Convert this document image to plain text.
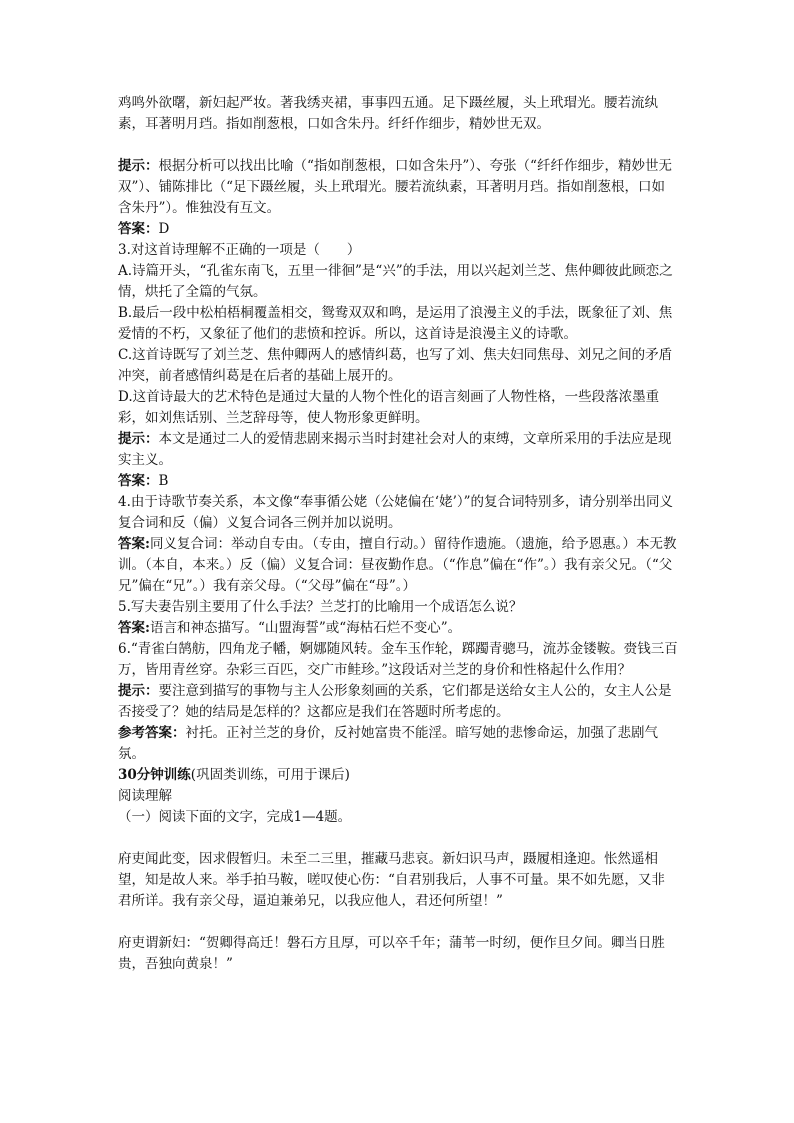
鸡鸣外欲曙，新妇起严妆。著我绣夹裙，事事四五通。足下蹑丝履，头上玳瑁光。腰若流纨素，耳著明月珰。指如削葱根，口如含朱丹。纤纤作细步，精妙世无双。

提示：根据分析可以找出比喻（“指如削葱根，口如含朱丹”）、夸张（“纤纤作细步，精妙世无双”）、铺陈排比（“足下蹑丝履，头上玳瑁光。腰若流纨素，耳著明月珰。指如削葱根，口如含朱丹”）。惟独没有互文。

答案：D

3.对这首诗理解不正确的一项是（　　）

A.诗篇开头，“孔雀东南飞，五里一徘徊”是“兴”的手法，用以兴起刘兰芝、焦仲卿彼此顾恋之情，烘托了全篇的气氛。

B.最后一段中松柏梧桐覆盖相交，鸳鸯双双和鸣，是运用了浪漫主义的手法，既象征了刘、焦爱情的不朽，又象征了他们的悲愤和控诉。所以，这首诗是浪漫主义的诗歌。

C.这首诗既写了刘兰芝、焦仲卿两人的感情纠葛，也写了刘、焦夫妇同焦母、刘兄之间的矛盾冲突，前者感情纠葛是在后者的基础上展开的。

D.这首诗最大的艺术特色是通过大量的人物个性化的语言刻画了人物性格，一些段落浓墨重彩，如刘焦话别、兰芝辞母等，使人物形象更鲜明。

提示：本文是通过二人的爱情悲剧来揭示当时封建社会对人的束缚，文章所采用的手法应是现实主义。

答案：B

4.由于诗歌节奏关系，本文像“奉事循公姥（公姥偏在‘姥’）”的复合词特别多，请分别举出同义复合词和反（偏）义复合词各三例并加以说明。

答案:同义复合词：举动自专由。（专由，擅自行动。）留待作遗施。（遗施，给予恩惠。）本无教训。（本自，本来。）反（偏）义复合词：昼夜勤作息。（“作息”偏在“作”。）我有亲父兄。（“父兄”偏在“兄”。）我有亲父母。（“父母”偏在“母”。）

5.写夫妻告别主要用了什么手法？兰芝打的比喻用一个成语怎么说？

答案:语言和神态描写。“山盟海誓”或“海枯石烂不变心”。

6.“青雀白鹄舫，四角龙子幡，婀娜随风转。金车玉作轮，踯躅青骢马，流苏金镂鞍。赍钱三百万，皆用青丝穿。杂彩三百匹，交广市鲑珍。”这段话对兰芝的身价和性格起什么作用？

提示：要注意到描写的事物与主人公形象刻画的关系，它们都是送给女主人公的，女主人公是否接受了？她的结局是怎样的？这都应是我们在答题时所考虑的。

参考答案：衬托。正衬兰芝的身价，反衬她富贵不能淫。暗写她的悲惨命运，加强了悲剧气氛。

30分钟训练(巩固类训练，可用于课后)

阅读理解

（一）阅读下面的文字，完成1—4题。

府吏闻此变，因求假暂归。未至二三里，摧藏马悲哀。新妇识马声，蹑履相逢迎。怅然遥相望，知是故人来。举手拍马鞍，嗟叹使心伤：“自君别我后，人事不可量。果不如先愿，又非君所详。我有亲父母，逼迫兼弟兄，以我应他人，君还何所望！”

府吏谓新妇：“贺卿得高迁！磐石方且厚，可以卒千年；蒲苇一时纫，便作旦夕间。卿当日胜贵，吾独向黄泉！”
